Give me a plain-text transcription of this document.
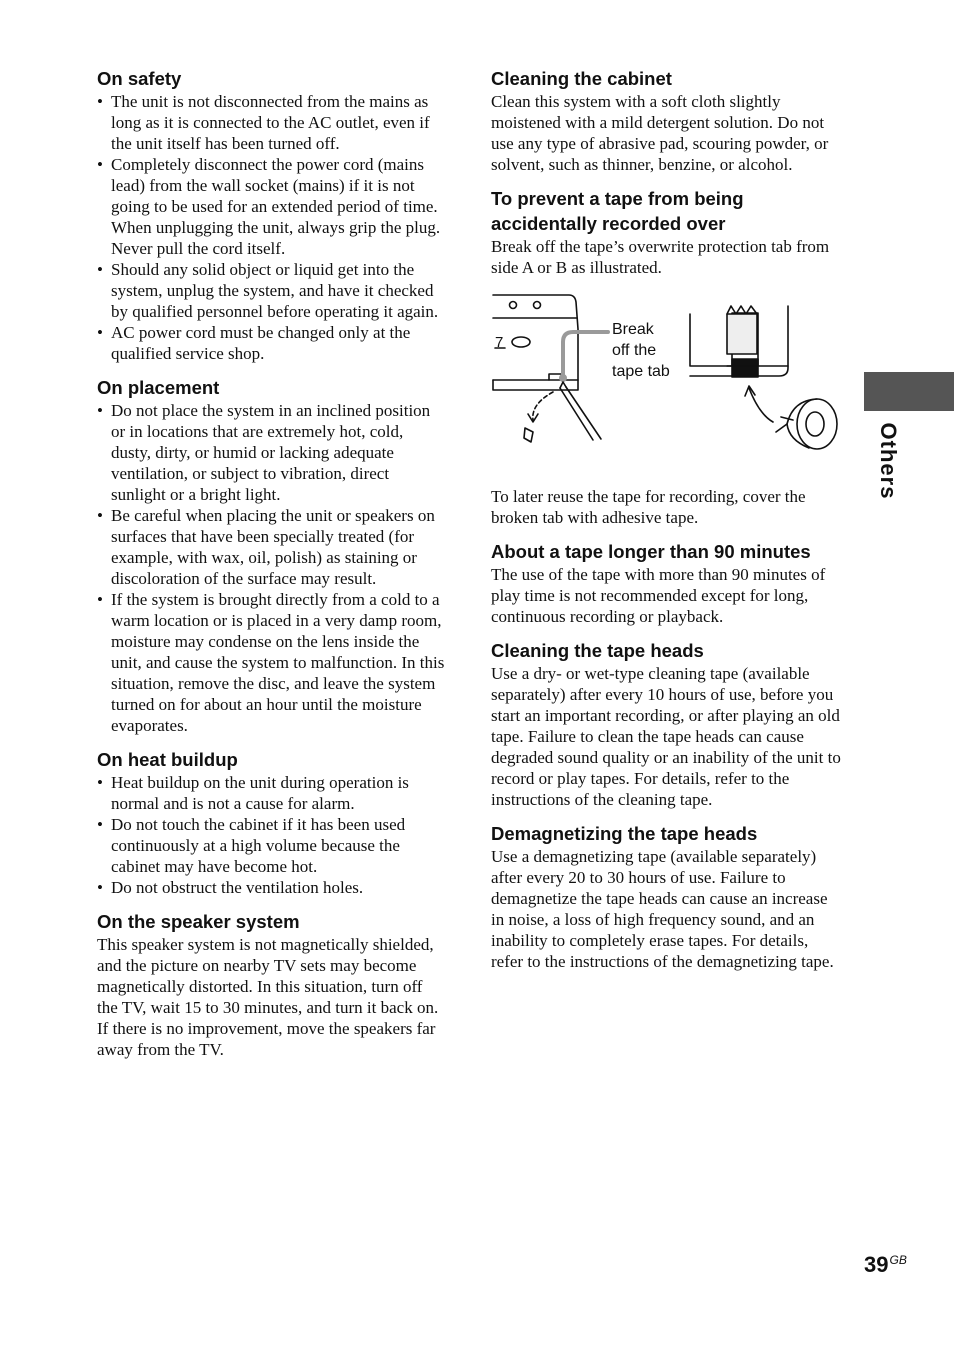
On safety
• The unit is not disconnected from the mains as long as it is connected to the AC outlet, even if the unit itself has been turned off.
• Completely disconnect the power cord (mains lead) from the wall socket (mains) if it is not going to be used for an extended period of time. When unplugging the unit, always grip the plug. Never pull the cord itself.
• Should any solid object or liquid get into the system, unplug the system, and have it checked by qualified personnel before operating it again.
• AC power cord must be changed only at the qualified service shop.
On placement
• Do not place the system in an inclined position or in locations that are extremely hot, cold, dusty, dirty, or humid or lacking adequate ventilation, or subject to vibration, direct sunlight or a bright light.
• Be careful when placing the unit or speakers on surfaces that have been specially treated (for example, with wax, oil, polish) as staining or discoloration of the surface may result.
• If the system is brought directly from a cold to a warm location or is placed in a very damp room, moisture may condense on the lens inside the unit, and cause the system to malfunction. In this situation, remove the disc, and leave the system turned on for about an hour until the moisture evaporates.
On heat buildup
• Heat buildup on the unit during operation is normal and is not a cause for alarm.
• Do not touch the cabinet if it has been used continuously at a high volume because the cabinet may have become hot.
• Do not obstruct the ventilation holes.
On the speaker system

This speaker system is not magnetically shielded, and the picture on nearby TV sets may become magnetically distorted. In this situation, turn off the TV, wait 15 to 30 minutes, and turn it back on. If there is no improvement, move the speakers far away from the TV.

Cleaning the cabinet

Clean this system with a soft cloth slightly moistened with a mild detergent solution. Do not use any type of abrasive pad, scouring powder, or solvent, such as thinner, benzine, or alcohol.

To prevent a tape from being
accidentally recorded over

Break off the tape’s overwrite protection tab from side A or B as illustrated.

7
Break
off the
tape tab

To later reuse the tape for recording, cover the broken tab with adhesive tape.

About a tape longer than 90 minutes

The use of the tape with more than 90 minutes of play time is not recommended except for long, continuous recording or playback.

Cleaning the tape heads

Use a dry- or wet-type cleaning tape (available separately) after every 10 hours of use, before you start an important recording, or after playing an old tape. Failure to clean the tape heads can cause degraded sound quality or an inability of the unit to record or play tapes. For details, refer to the instructions of the cleaning tape.

Demagnetizing the tape heads

Use a demagnetizing tape (available separately) after every 20 to 30 hours of use. Failure to demagnetize the tape heads can cause an increase in noise, a loss of high frequency sound, and an inability to completely erase tapes. For details, refer to the instructions of the demagnetizing tape.

Others
$39^{GB}$
